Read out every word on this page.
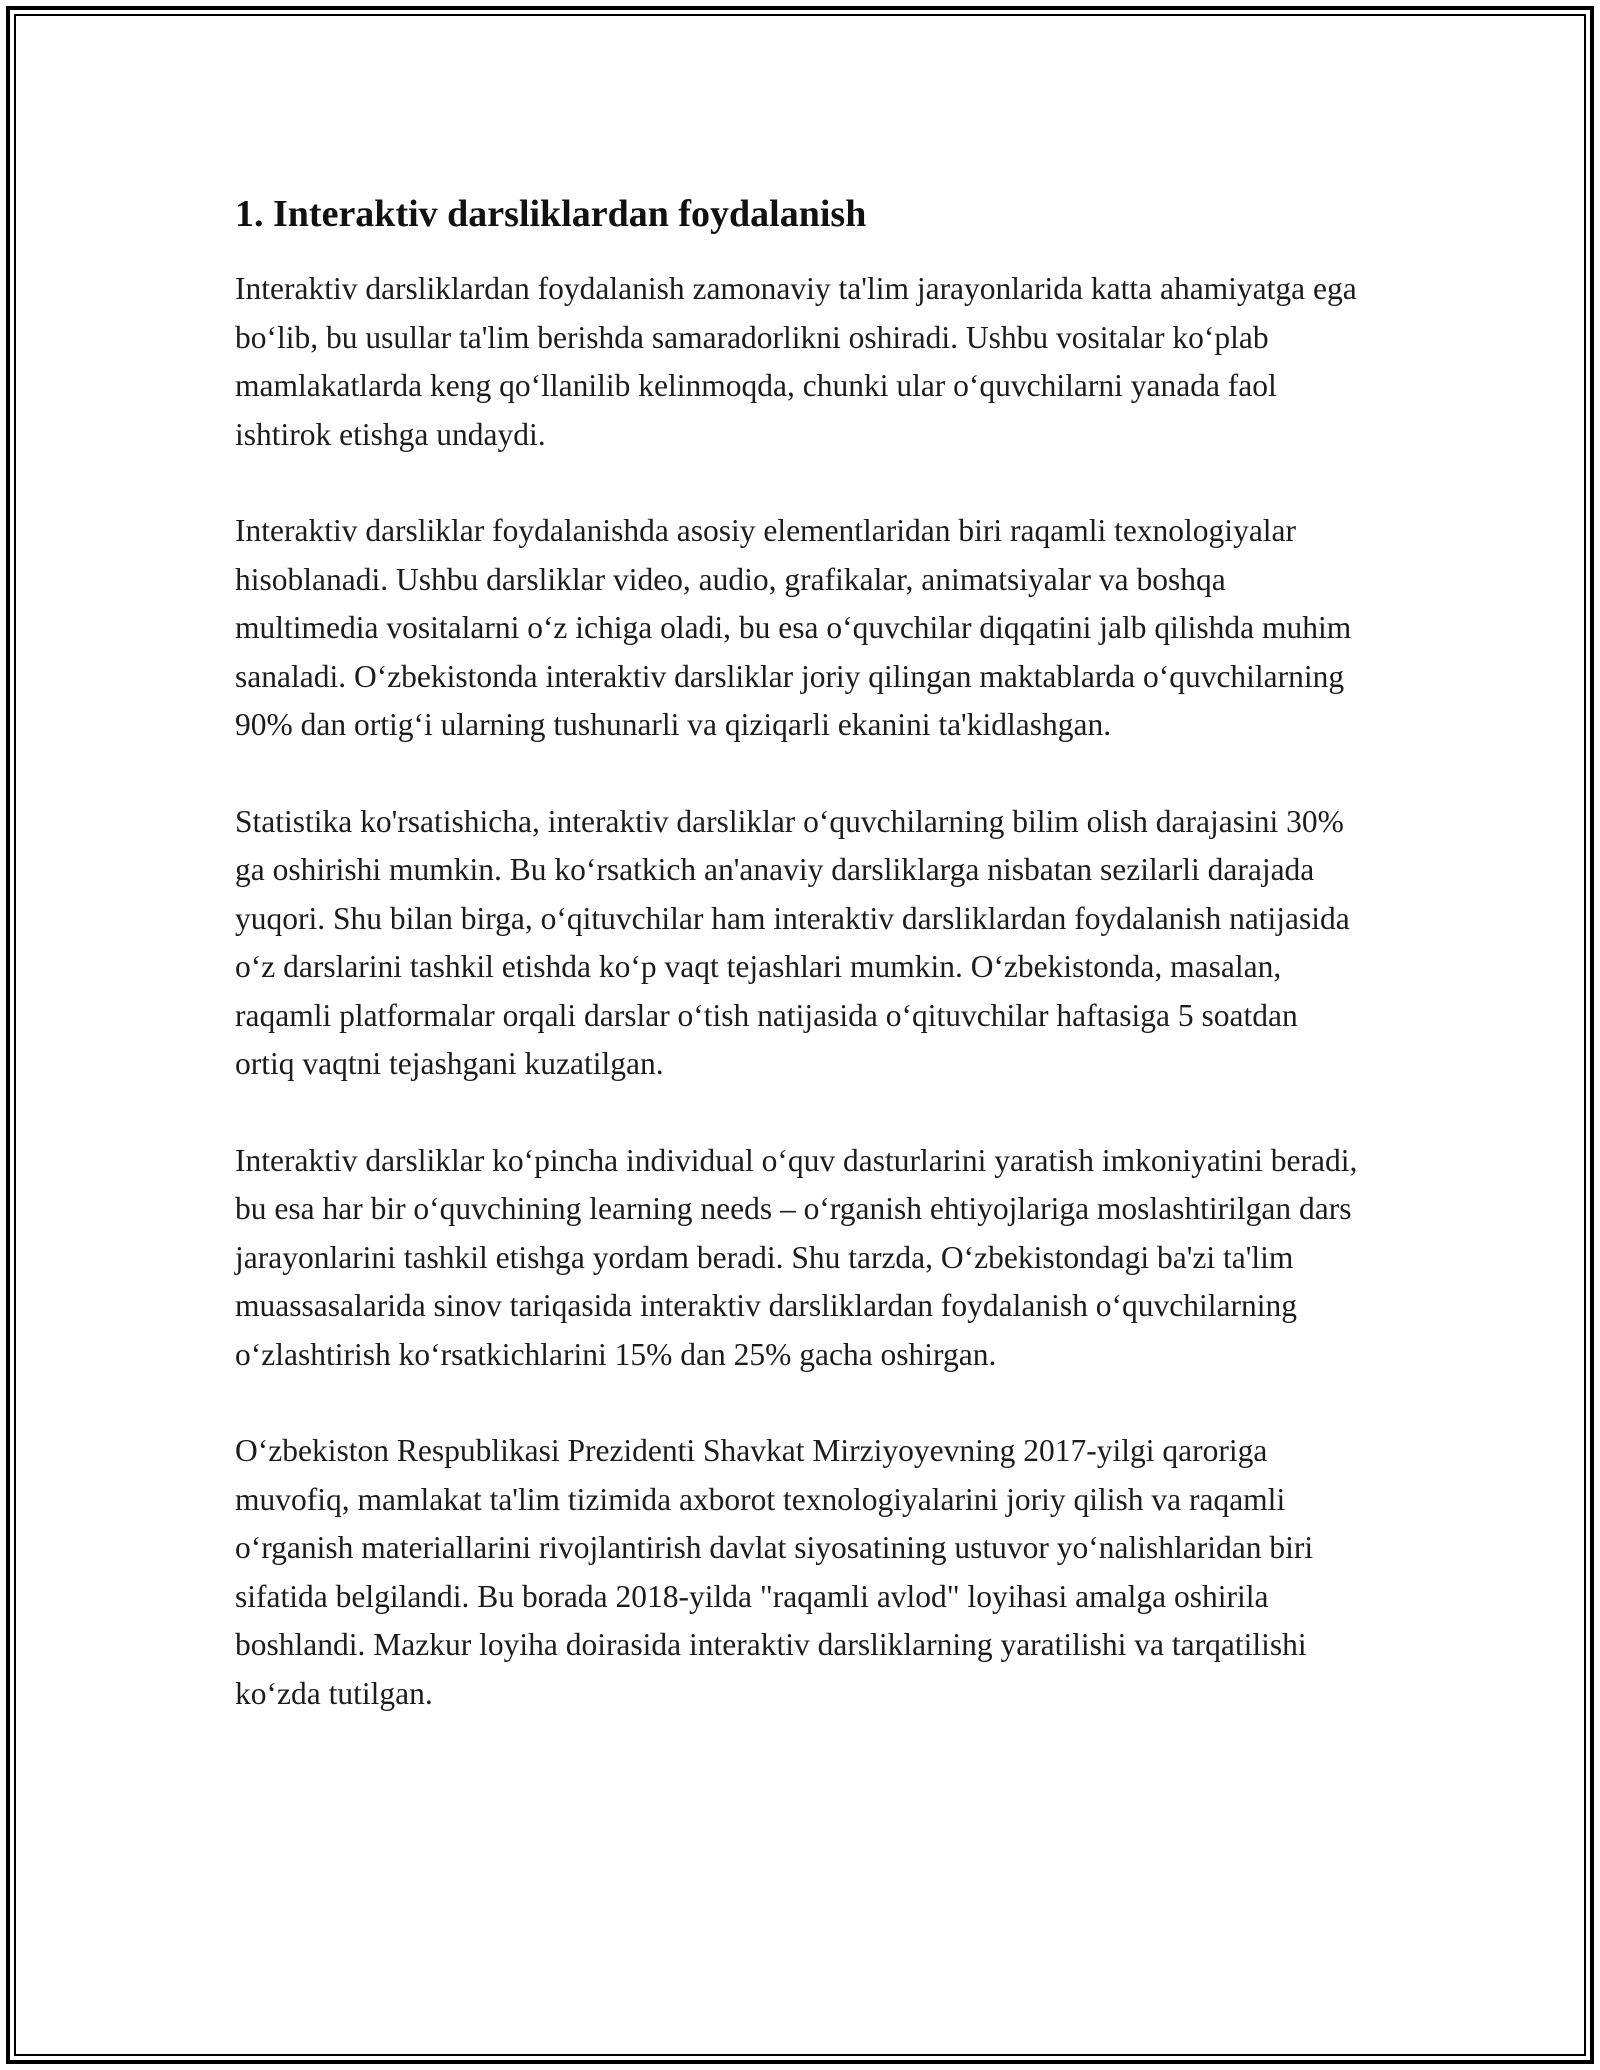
1. Interaktiv darsliklardan foydalanish

Interaktiv darsliklardan foydalanish zamonaviy ta'lim jarayonlarida katta ahamiyatga ega bo‘lib, bu usullar ta'lim berishda samaradorlikni oshiradi. Ushbu vositalar ko‘plab mamlakatlarda keng qo‘llanilib kelinmoqda, chunki ular o‘quvchilarni yanada faol ishtirok etishga undaydi.

Interaktiv darsliklar foydalanishda asosiy elementlaridan biri raqamli texnologiyalar hisoblanadi. Ushbu darsliklar video, audio, grafikalar, animatsiyalar va boshqa multimedia vositalarni o‘z ichiga oladi, bu esa o‘quvchilar diqqatini jalb qilishda muhim sanaladi. O‘zbekistonda interaktiv darsliklar joriy qilingan maktablarda o‘quvchilarning 90% dan ortig‘i ularning tushunarli va qiziqarli ekanini ta'kidlashgan.

Statistika ko'rsatishicha, interaktiv darsliklar o‘quvchilarning bilim olish darajasini 30% ga oshirishi mumkin. Bu ko‘rsatkich an'anaviy darsliklarga nisbatan sezilarli darajada yuqori. Shu bilan birga, o‘qituvchilar ham interaktiv darsliklardan foydalanish natijasida o‘z darslarini tashkil etishda ko‘p vaqt tejashlari mumkin. O‘zbekistonda, masalan, raqamli platformalar orqali darslar o‘tish natijasida o‘qituvchilar haftasiga 5 soatdan ortiq vaqtni tejashgani kuzatilgan.

Interaktiv darsliklar ko‘pincha individual o‘quv dasturlarini yaratish imkoniyatini beradi, bu esa har bir o‘quvchining learning needs – o‘rganish ehtiyojlariga moslashtirilgan dars jarayonlarini tashkil etishga yordam beradi. Shu tarzda, O‘zbekistondagi ba'zi ta'lim muassasalarida sinov tariqasida interaktiv darsliklardan foydalanish o‘quvchilarning o‘zlashtirish ko‘rsatkichlarini 15% dan 25% gacha oshirgan.

O‘zbekiston Respublikasi Prezidenti Shavkat Mirziyoyevning 2017-yilgi qaroriga muvofiq, mamlakat ta'lim tizimida axborot texnologiyalarini joriy qilish va raqamli o‘rganish materiallarini rivojlantirish davlat siyosatining ustuvor yo‘nalishlaridan biri sifatida belgilandi. Bu borada 2018-yilda "raqamli avlod" loyihasi amalga oshirila boshlandi. Mazkur loyiha doirasida interaktiv darsliklarning yaratilishi va tarqatilishi ko‘zda tutilgan.
